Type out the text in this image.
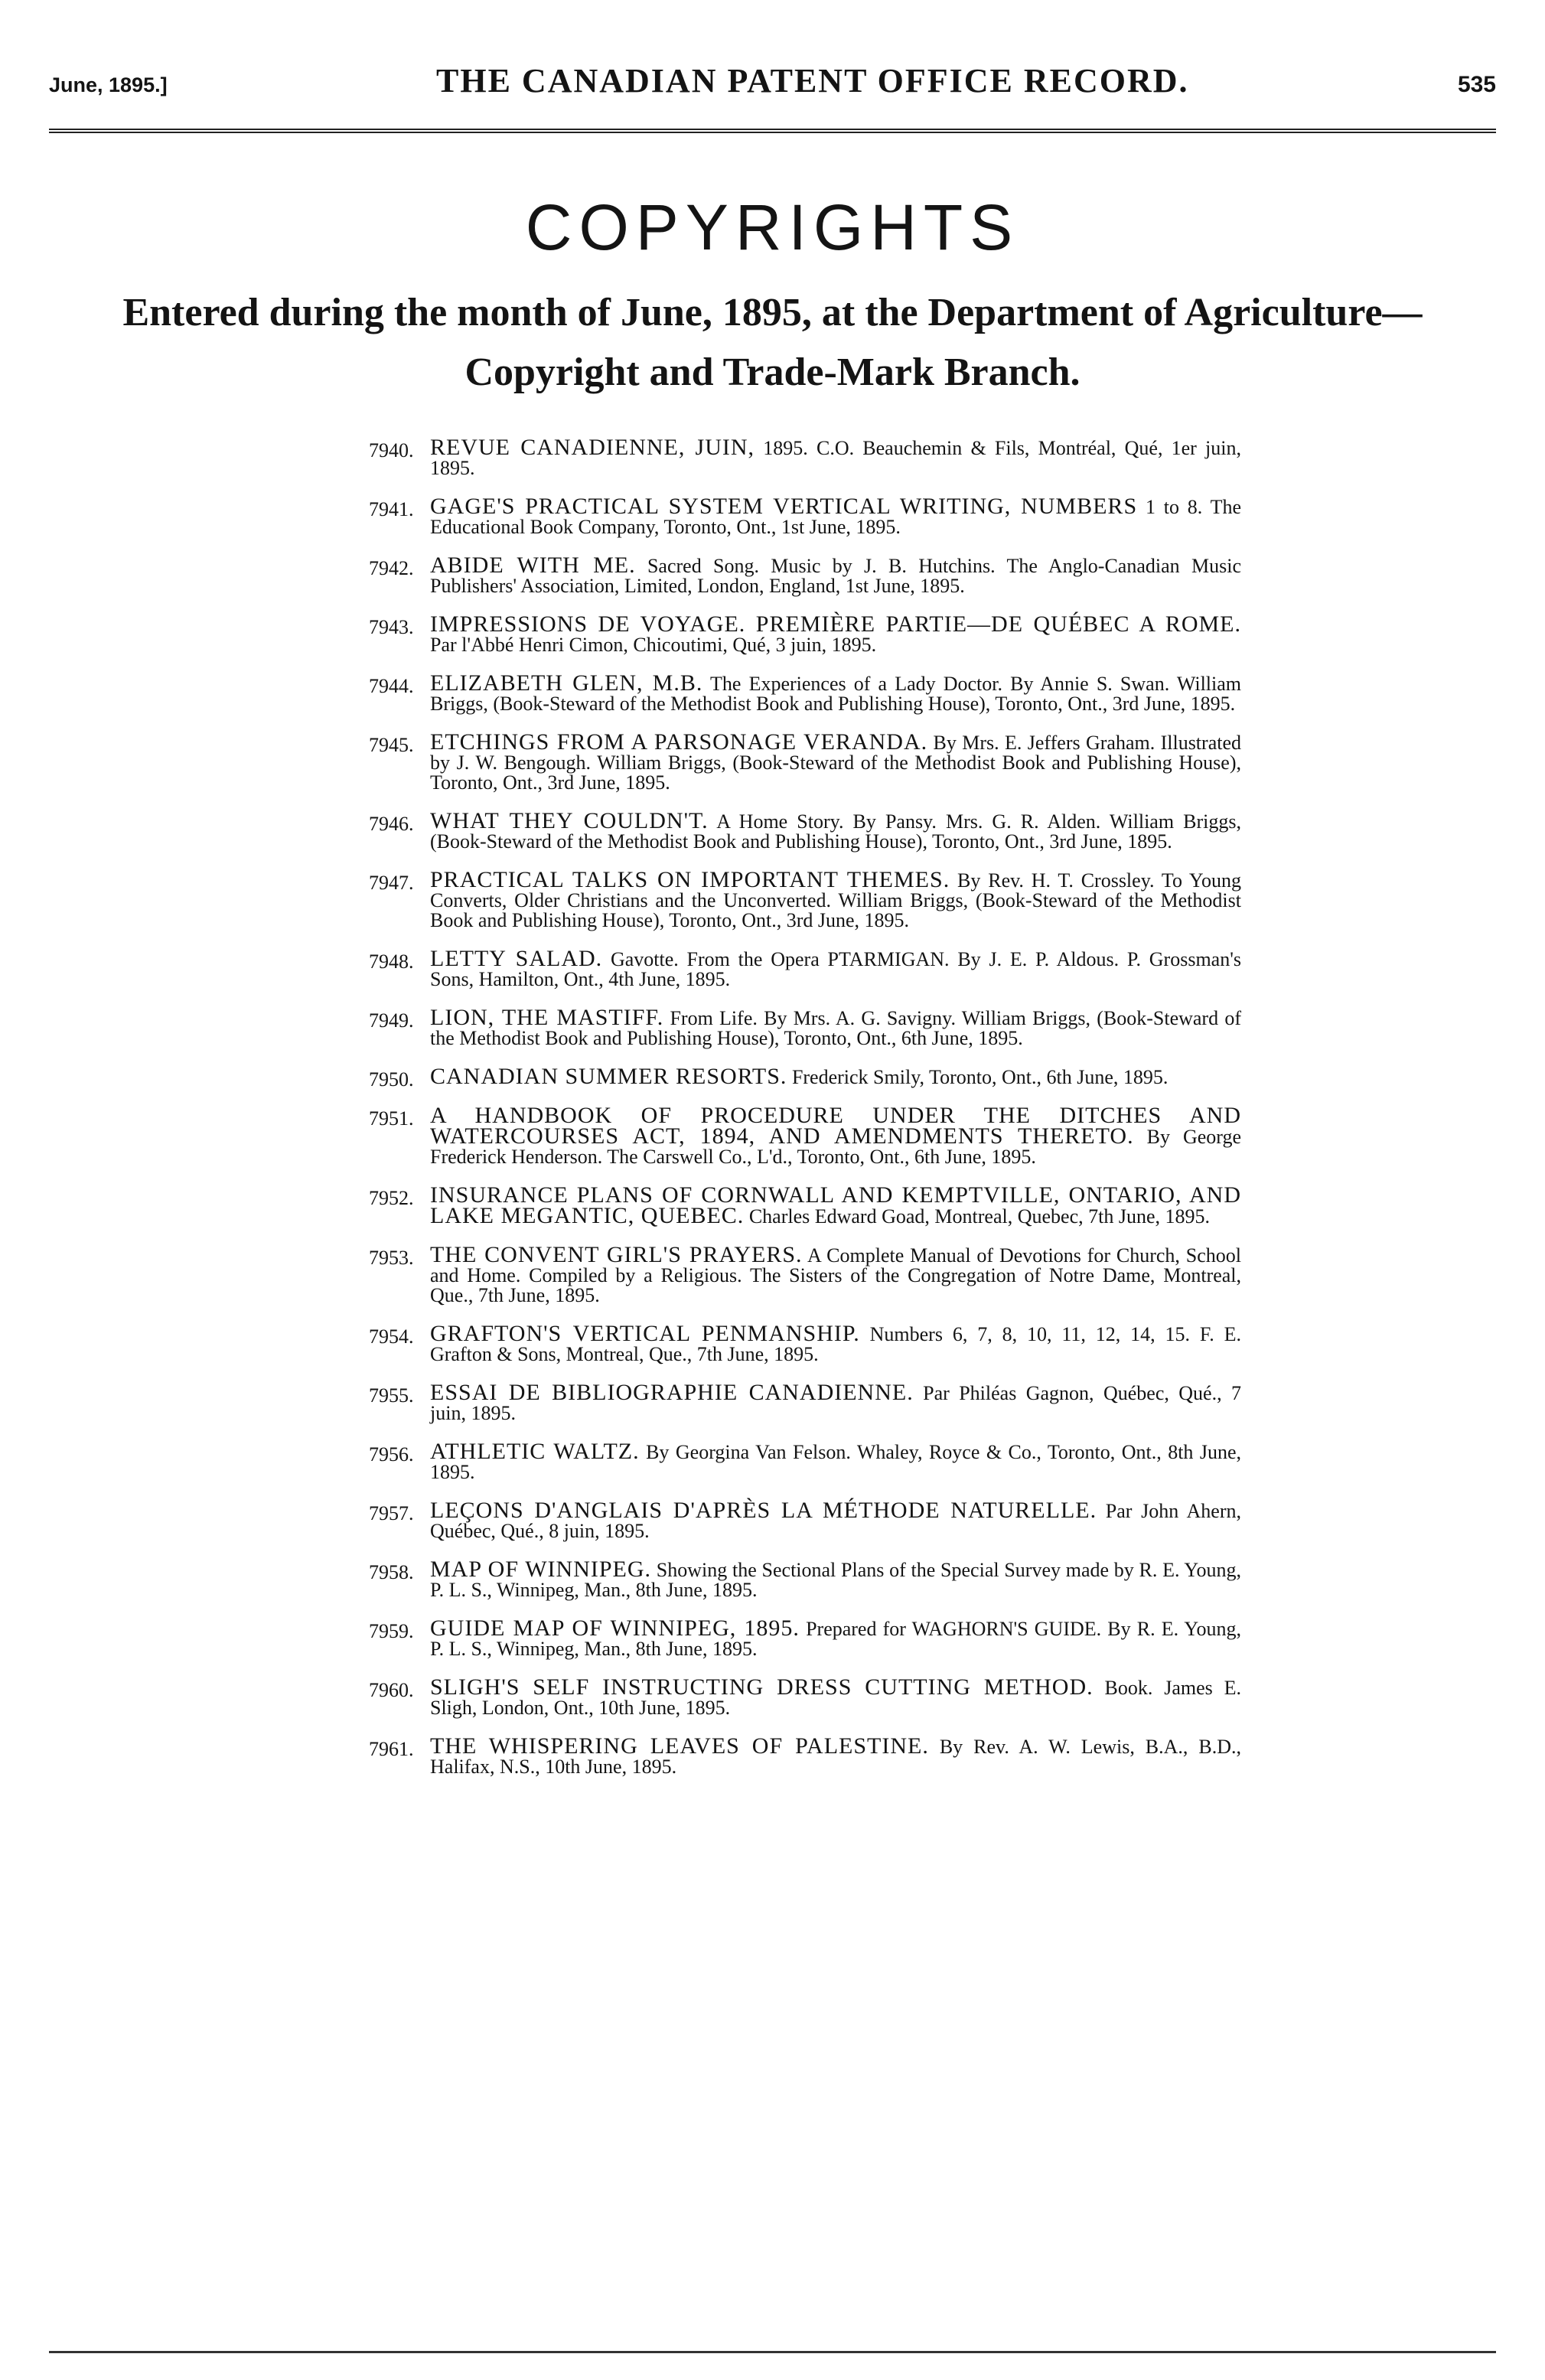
June, 1895.]	THE CANADIAN PATENT OFFICE RECORD.	535
COPYRIGHTS
Entered during the month of June, 1895, at the Department of Agriculture— Copyright and Trade-Mark Branch.
7940. REVUE CANADIENNE, JUIN, 1895. C.O. Beauchemin & Fils, Montréal, Qué, 1er juin, 1895.
7941. GAGE'S PRACTICAL SYSTEM VERTICAL WRITING, NUMBERS 1 to 8. The Educational Book Company, Toronto, Ont., 1st June, 1895.
7942. ABIDE WITH ME. Sacred Song. Music by J. B. Hutchins. The Anglo-Canadian Music Publishers' Association, Limited, London, England, 1st June, 1895.
7943. IMPRESSIONS DE VOYAGE. PREMIÈRE PARTIE—DE QUÉBEC A ROME. Par l'Abbé Henri Cimon, Chicoutimi, Qué, 3 juin, 1895.
7944. ELIZABETH GLEN, M.B. The Experiences of a Lady Doctor. By Annie S. Swan. William Briggs, (Book-Steward of the Methodist Book and Publishing House), Toronto, Ont., 3rd June, 1895.
7945. ETCHINGS FROM A PARSONAGE VERANDA. By Mrs. E. Jeffers Graham. Illustrated by J. W. Bengough. William Briggs, (Book-Steward of the Methodist Book and Publishing House), Toronto, Ont., 3rd June, 1895.
7946. WHAT THEY COULDN'T. A Home Story. By Pansy. Mrs. G. R. Alden. William Briggs, (Book-Steward of the Methodist Book and Publishing House), Toronto, Ont., 3rd June, 1895.
7947. PRACTICAL TALKS ON IMPORTANT THEMES. By Rev. H. T. Crossley. To Young Converts, Older Christians and the Unconverted. William Briggs, (Book-Steward of the Methodist Book and Publishing House), Toronto, Ont., 3rd June, 1895.
7948. LETTY SALAD. Gavotte. From the Opera PTARMIGAN. By J. E. P. Aldous. P. Grossman's Sons, Hamilton, Ont., 4th June, 1895.
7949. LION, THE MASTIFF. From Life. By Mrs. A. G. Savigny. William Briggs, (Book-Steward of the Methodist Book and Publishing House), Toronto, Ont., 6th June, 1895.
7950. CANADIAN SUMMER RESORTS. Frederick Smily, Toronto, Ont., 6th June, 1895.
7951. A HANDBOOK OF PROCEDURE UNDER THE DITCHES AND WATERCOURSES ACT, 1894, AND AMENDMENTS THERETO. By George Frederick Henderson. The Carswell Co., L'd., Toronto, Ont., 6th June, 1895.
7952. INSURANCE PLANS OF CORNWALL AND KEMPTVILLE, ONTARIO, AND LAKE MEGANTIC, QUEBEC. Charles Edward Goad, Montreal, Quebec, 7th June, 1895.
7953. THE CONVENT GIRL'S PRAYERS. A Complete Manual of Devotions for Church, School and Home. Compiled by a Religious. The Sisters of the Congregation of Notre Dame, Montreal, Que., 7th June, 1895.
7954. GRAFTON'S VERTICAL PENMANSHIP. Numbers 6, 7, 8, 10, 11, 12, 14, 15. F. E. Grafton & Sons, Montreal, Que., 7th June, 1895.
7955. ESSAI DE BIBLIOGRAPHIE CANADIENNE. Par Philéas Gagnon, Québec, Qué., 7 juin, 1895.
7956. ATHLETIC WALTZ. By Georgina Van Felson. Whaley, Royce & Co., Toronto, Ont., 8th June, 1895.
7957. LEÇONS D'ANGLAIS D'APRÈS LA MÉTHODE NATURELLE. Par John Ahern, Québec, Qué., 8 juin, 1895.
7958. MAP OF WINNIPEG. Showing the Sectional Plans of the Special Survey made by R. E. Young, P. L. S., Winnipeg, Man., 8th June, 1895.
7959. GUIDE MAP OF WINNIPEG, 1895. Prepared for WAGHORN'S GUIDE. By R. E. Young, P. L. S., Winnipeg, Man., 8th June, 1895.
7960. SLIGH'S SELF INSTRUCTING DRESS CUTTING METHOD. Book. James E. Sligh, London, Ont., 10th June, 1895.
7961. THE WHISPERING LEAVES OF PALESTINE. By Rev. A. W. Lewis, B.A., B.D., Halifax, N.S., 10th June, 1895.
